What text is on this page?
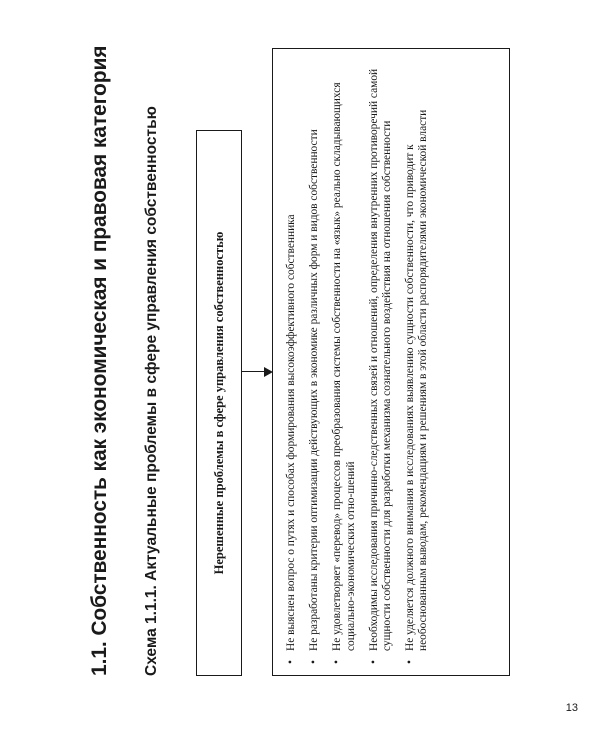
1.1. Собственность как экономическая и правовая категория Схема 1.1.1. Актуальные проблемы в сфере управления собственностью	Нерешенные проблемы в сфере управления собственностью
•
Не выяснен вопрос о путях и способах формирования высокоэффективного собственника
•
Не разработаны критерии оптимизации действующих в экономике различных форм и видов собственности
•
Не удовлетворяет «перевод» процессов преобразования системы собственности на «язык» реально складывающихся социально-экономических отно-шений
•
Необходимы исследования причинно-следственных связей и отношений, определения внутренних противоречий самой сущности собственности для разработки механизма сознательного воздействия на отношения собственности
•
Не уделяется должного внимания в исследованиях выявлению сущности собственности, что приводит к необоснованным выводам, рекомендациям и решениям в этой области распорядителями экономической власти
13
